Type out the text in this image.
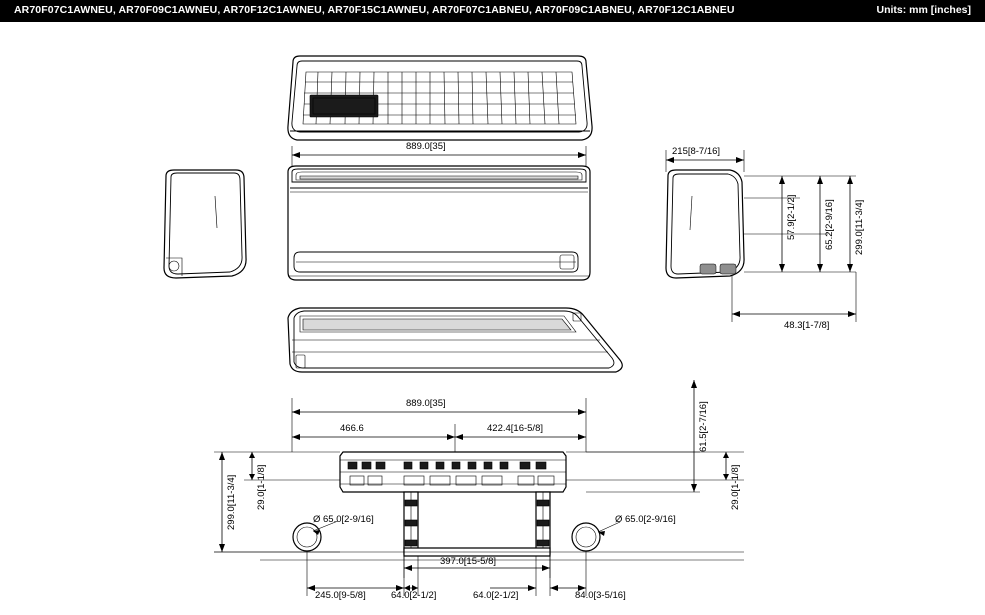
AR70F07C1AWNEU, AR70F09C1AWNEU, AR70F12C1AWNEU, AR70F15C1AWNEU, AR70F07C1ABNEU, AR70F09C1ABNEU, AR70F12C1ABNEU	Units: mm [inches]
889.0[35]	215[8-7/16]
57.9[2-1/2]	65.2[2-9/16] 299.0[11-3/4]
48.3[1-7/8]
889.0[35]
466.6	422.4[16-5/8]	61.5[2-7/16]
299.0[11-3/4] 29.0[1-1/8]	29.0[1-1/8]
Ø 65.0[2-9/16]	Ø 65.0[2-9/16]
397.0[15-5/8]
245.0[9-5/8]	64.0[2-1/2]	64.0[2-1/2]	84.0[3-5/16]
